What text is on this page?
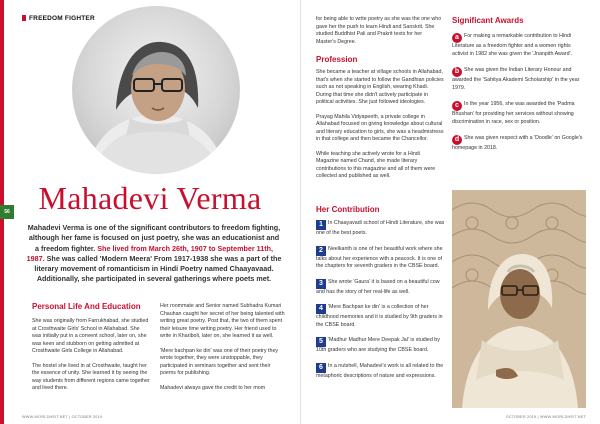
FREEDOM FIGHTER
56 Mahadevi Verma
Mahadevi Verma is one of the significant contributors to freedom fighting, although her fame is focused on just poetry, she was an educationist and a freedom fighter. She lived from March 26th, 1907 to September 11th, 1987. She was called 'Modern Meera' From 1917-1938 she was a part of the literary movement of romanticism in Hindi Poetry named Chaayavaad. Additionally, she participated in several gatherings where poets met.
Personal Life And Education

She was originally from Farrukhabad, she studied at Crosthwaite Girls' School in Allahabad. She was initially put in a convent school, later on, she was keen and stubborn on getting admitted at Crosthwaite Girls College in Allahabad.

The hostel she lived in at Crosthwaite, taught her the essence of unity. She learned it by seeing the way students from different regions came together and lived there.

Her roommate and Senior named Subhadra Kumari Chauhan caught her secret of her being talented with writing great poetry. Post that, the two of them spent their leisure time writing poetry. Her friend used to write in Khariboli, later on, she learned it as well.

'Mere bachpan ke din' was one of their poetry they wrote together, they were unstoppable, they participated in seminars together and sent their poems for publishing.

Mahadevi always gave the credit to her mom

WWW.WORLDHEIT.NET | OCTOBER 2019
for being able to write poetry as she was the one who gave her the push to learn Hindi and Sanskrit. She studied Buddhist Pali and Prakrit texts for her Master's Degree.
Profession

She became a teacher at village schools in Allahabad, that's when she started to follow the Gandhian policies such as not speaking in English, wearing Khadi. During that time she didn't actively participate in political activities. She just followed ideologies.

Prayag Mahila Vidyapeeth, a private college in Allahabad focused on giving knowledge about cultural and literary education to girls, she was a headmistress in that college and then became the Chancellor.

While teaching she actively wrote for a Hindi Magazine named Chand, she made literary contributions to this magazine and all of them were collected and published as well.

Her Contribution
1 In Chaayavadi school of Hindi Literature, she was one of the best poets.
2 Neelkanth is one of her beautiful work where she talks about her experience with a peacock. It is one of the chapters for seventh graders in the CBSE board.
3 She wrote 'Gaura' it is based on a beautiful cow and has the story of her real-life as well.
4 'Mere Bachpan ke din' is a collection of her childhood memories and it is studied by 9th graders in the CBSE board.
5 'Madhur Madhur Mere Deepak Jal' is studied by 10th graders who are studying the CBSE board.
6 In a nutshell, Mahadevi's work is all related to the metaphoric descriptions of nature and expressions.
Significant Awards
a For making a remarkable contribution to Hindi Literature as a freedom fighter and a women rights activist in 1982 she was given the 'Jnanpith Award'.
b She was given the Indian Literary Honour and awarded the 'Sahitya Akademi Scholarship' in the year 1979.
c In the year 1956, she was awarded the 'Padma Bhushan' for providing her services without showing discrimination in race, sex or position.
d She was given respect with a 'Doodle' on Google's homepage in 2018.
OCTOBER 2019 | WWW.WORLDHEIT.NET
